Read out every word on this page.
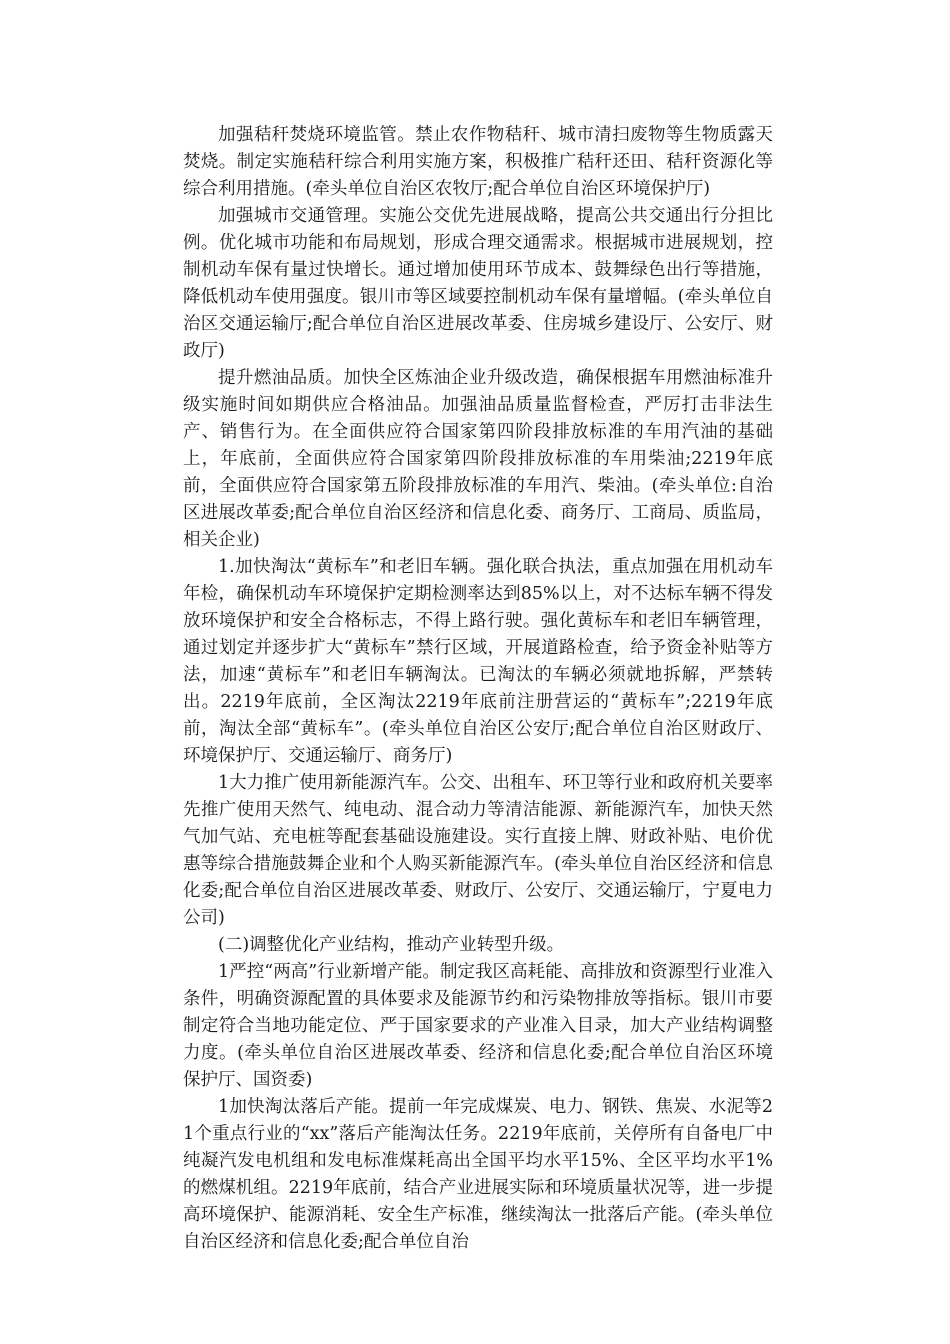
加强秸秆焚烧环境监管。禁止农作物秸秆、城市清扫废物等生物质露天焚烧。制定实施秸秆综合利用实施方案，积极推广秸秆还田、秸秆资源化等综合利用措施。(牵头单位自治区农牧厅;配合单位自治区环境保护厅)

加强城市交通管理。实施公交优先进展战略，提高公共交通出行分担比例。优化城市功能和布局规划，形成合理交通需求。根据城市进展规划，控制机动车保有量过快增长。通过增加使用环节成本、鼓舞绿色出行等措施，降低机动车使用强度。银川市等区域要控制机动车保有量增幅。(牵头单位自治区交通运输厅;配合单位自治区进展改革委、住房城乡建设厅、公安厅、财政厅)

提升燃油品质。加快全区炼油企业升级改造，确保根据车用燃油标准升级实施时间如期供应合格油品。加强油品质量监督检查，严厉打击非法生产、销售行为。在全面供应符合国家第四阶段排放标准的车用汽油的基础上，年底前，全面供应符合国家第四阶段排放标准的车用柴油;2219年底前，全面供应符合国家第五阶段排放标准的车用汽、柴油。(牵头单位:自治区进展改革委;配合单位自治区经济和信息化委、商务厅、工商局、质监局，相关企业)

1.加快淘汰“黄标车”和老旧车辆。强化联合执法，重点加强在用机动车年检，确保机动车环境保护定期检测率达到85%以上，对不达标车辆不得发放环境保护和安全合格标志，不得上路行驶。强化黄标车和老旧车辆管理，通过划定并逐步扩大“黄标车”禁行区域，开展道路检查，给予资金补贴等方法，加速“黄标车”和老旧车辆淘汰。已淘汰的车辆必须就地拆解，严禁转出。2219年底前，全区淘汰2219年底前注册营运的“黄标车”;2219年底前，淘汰全部“黄标车”。(牵头单位自治区公安厅;配合单位自治区财政厅、环境保护厅、交通运输厅、商务厅)

1大力推广使用新能源汽车。公交、出租车、环卫等行业和政府机关要率先推广使用天然气、纯电动、混合动力等清洁能源、新能源汽车，加快天然气加气站、充电桩等配套基础设施建设。实行直接上牌、财政补贴、电价优惠等综合措施鼓舞企业和个人购买新能源汽车。(牵头单位自治区经济和信息化委;配合单位自治区进展改革委、财政厅、公安厅、交通运输厅，宁夏电力公司)

(二)调整优化产业结构，推动产业转型升级。

1严控“两高”行业新增产能。制定我区高耗能、高排放和资源型行业准入条件，明确资源配置的具体要求及能源节约和污染物排放等指标。银川市要制定符合当地功能定位、严于国家要求的产业准入目录，加大产业结构调整力度。(牵头单位自治区进展改革委、经济和信息化委;配合单位自治区环境保护厅、国资委)

1加快淘汰落后产能。提前一年完成煤炭、电力、钢铁、焦炭、水泥等21个重点行业的“xx”落后产能淘汰任务。2219年底前，关停所有自备电厂中纯凝汽发电机组和发电标准煤耗高出全国平均水平15%、全区平均水平1%的燃煤机组。2219年底前，结合产业进展实际和环境质量状况等，进一步提高环境保护、能源消耗、安全生产标准，继续淘汰一批落后产能。(牵头单位自治区经济和信息化委;配合单位自治
